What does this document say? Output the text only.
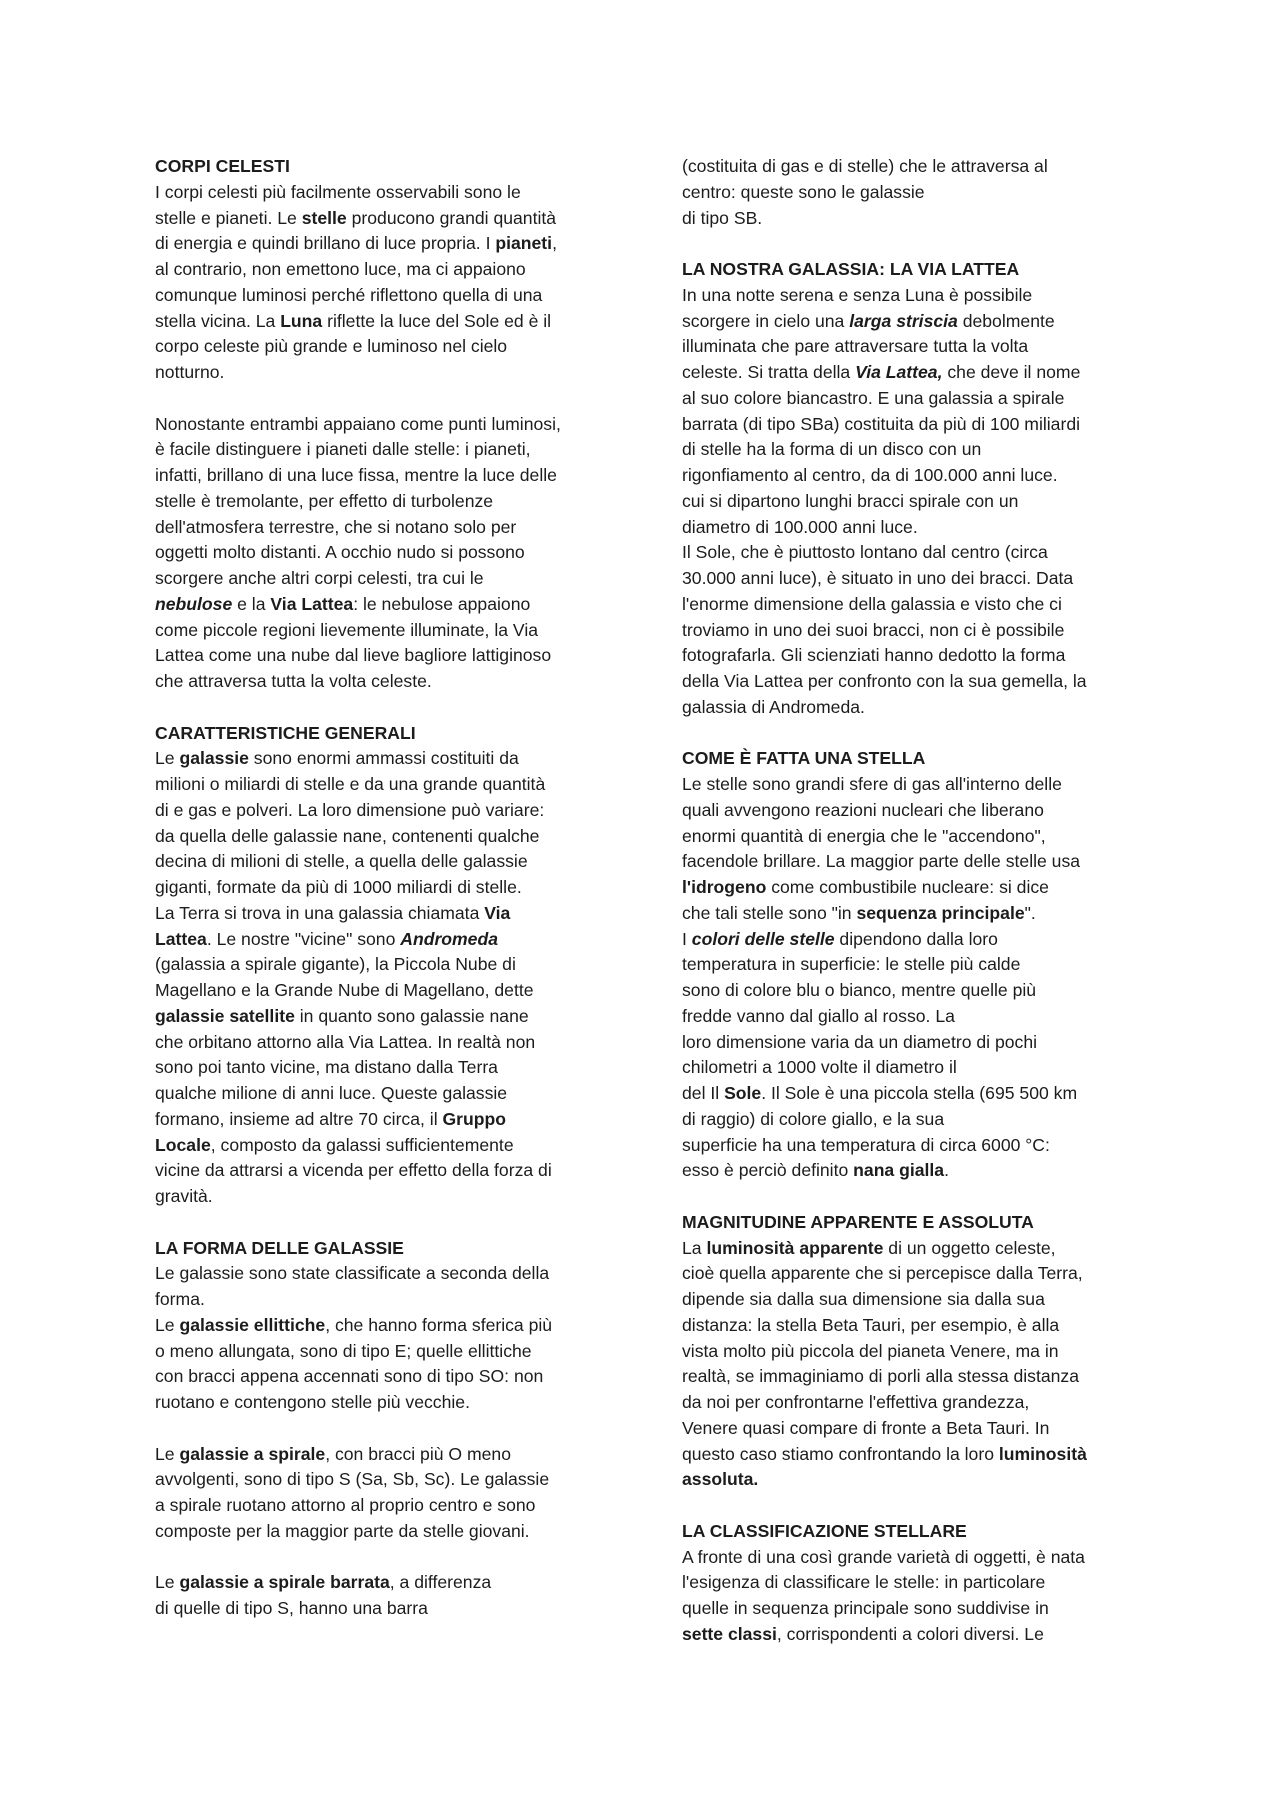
CORPI CELESTI

I corpi celesti più facilmente osservabili sono le

stelle e pianeti. Le stelle producono grandi quantità

di energia e quindi brillano di luce propria. I pianeti,

al contrario, non emettono luce, ma ci appaiono

comunque luminosi perché riflettono quella di una

stella vicina. La Luna riflette la luce del Sole ed è il

corpo celeste più grande e luminoso nel cielo

notturno.

Nonostante entrambi appaiano come punti luminosi,

è facile distinguere i pianeti dalle stelle: i pianeti,

infatti, brillano di una luce fissa, mentre la luce delle

stelle è tremolante, per effetto di turbolenze

dell'atmosfera terrestre, che si notano solo per

oggetti molto distanti. A occhio nudo si possono

scorgere anche altri corpi celesti, tra cui le

nebulose e la Via Lattea: le nebulose appaiono

come piccole regioni lievemente illuminate, la Via

Lattea come una nube dal lieve bagliore lattiginoso

che attraversa tutta la volta celeste.

CARATTERISTICHE GENERALI

Le galassie sono enormi ammassi costituiti da

milioni o miliardi di stelle e da una grande quantità

di e gas e polveri. La loro dimensione può variare:

da quella delle galassie nane, contenenti qualche

decina di milioni di stelle, a quella delle galassie

giganti, formate da più di 1000 miliardi di stelle.

La Terra si trova in una galassia chiamata Via

Lattea. Le nostre "vicine" sono Andromeda

(galassia a spirale gigante), la Piccola Nube di

Magellano e la Grande Nube di Magellano, dette

galassie satellite in quanto sono galassie nane

che orbitano attorno alla Via Lattea. In realtà non

sono poi tanto vicine, ma distano dalla Terra

qualche milione di anni luce. Queste galassie

formano, insieme ad altre 70 circa, il Gruppo

Locale, composto da galassi sufficientemente

vicine da attrarsi a vicenda per effetto della forza di

gravità.

LA FORMA DELLE GALASSIE

Le galassie sono state classificate a seconda della

forma.

Le galassie ellittiche, che hanno forma sferica più

o meno allungata, sono di tipo E; quelle ellittiche

con bracci appena accennati sono di tipo SO: non

ruotano e contengono stelle più vecchie.

Le galassie a spirale, con bracci più O meno

avvolgenti, sono di tipo S (Sa, Sb, Sc). Le galassie

a spirale ruotano attorno al proprio centro e sono

composte per la maggior parte da stelle giovani.

Le galassie a spirale barrata, a differenza

di quelle di tipo S, hanno una barra

(costituita di gas e di stelle) che le attraversa al

centro: queste sono le galassie

di tipo SB.

LA NOSTRA GALASSIA: LA VIA LATTEA

In una notte serena e senza Luna è possibile

scorgere in cielo una larga striscia debolmente

illuminata che pare attraversare tutta la volta

celeste. Si tratta della Via Lattea, che deve il nome

al suo colore biancastro. E una galassia a spirale

barrata (di tipo SBa) costituita da più di 100 miliardi

di stelle ha la forma di un disco con un

rigonfiamento al centro, da di 100.000 anni luce.

cui si dipartono lunghi bracci spirale con un

diametro di 100.000 anni luce.

Il Sole, che è piuttosto lontano dal centro (circa

30.000 anni luce), è situato in uno dei bracci. Data

l'enorme dimensione della galassia e visto che ci

troviamo in uno dei suoi bracci, non ci è possibile

fotografarla. Gli scienziati hanno dedotto la forma

della Via Lattea per confronto con la sua gemella, la

galassia di Andromeda.

COME È FATTA UNA STELLA

Le stelle sono grandi sfere di gas all'interno delle

quali avvengono reazioni nucleari che liberano

enormi quantità di energia che le "accendono",

facendole brillare. La maggior parte delle stelle usa

l'idrogeno come combustibile nucleare: si dice

che tali stelle sono "in sequenza principale".

I colori delle stelle dipendono dalla loro

temperatura in superficie: le stelle più calde

sono di colore blu o bianco, mentre quelle più

fredde vanno dal giallo al rosso. La

loro dimensione varia da un diametro di pochi

chilometri a 1000 volte il diametro il

del Il Sole. Il Sole è una piccola stella (695 500 km

di raggio) di colore giallo, e la sua

superficie ha una temperatura di circa 6000 °C:

esso è perciò definito nana gialla.

MAGNITUDINE APPARENTE E ASSOLUTA

La luminosità apparente di un oggetto celeste,

cioè quella apparente che si percepisce dalla Terra,

dipende sia dalla sua dimensione sia dalla sua

distanza: la stella Beta Tauri, per esempio, è alla

vista molto più piccola del pianeta Venere, ma in

realtà, se immaginiamo di porli alla stessa distanza

da noi per confrontarne l'effettiva grandezza,

Venere quasi compare di fronte a Beta Tauri. In

questo caso stiamo confrontando la loro luminosità

assoluta.

LA CLASSIFICAZIONE STELLARE

A fronte di una così grande varietà di oggetti, è nata

l'esigenza di classificare le stelle: in particolare

quelle in sequenza principale sono suddivise in

sette classi, corrispondenti a colori diversi. Le
